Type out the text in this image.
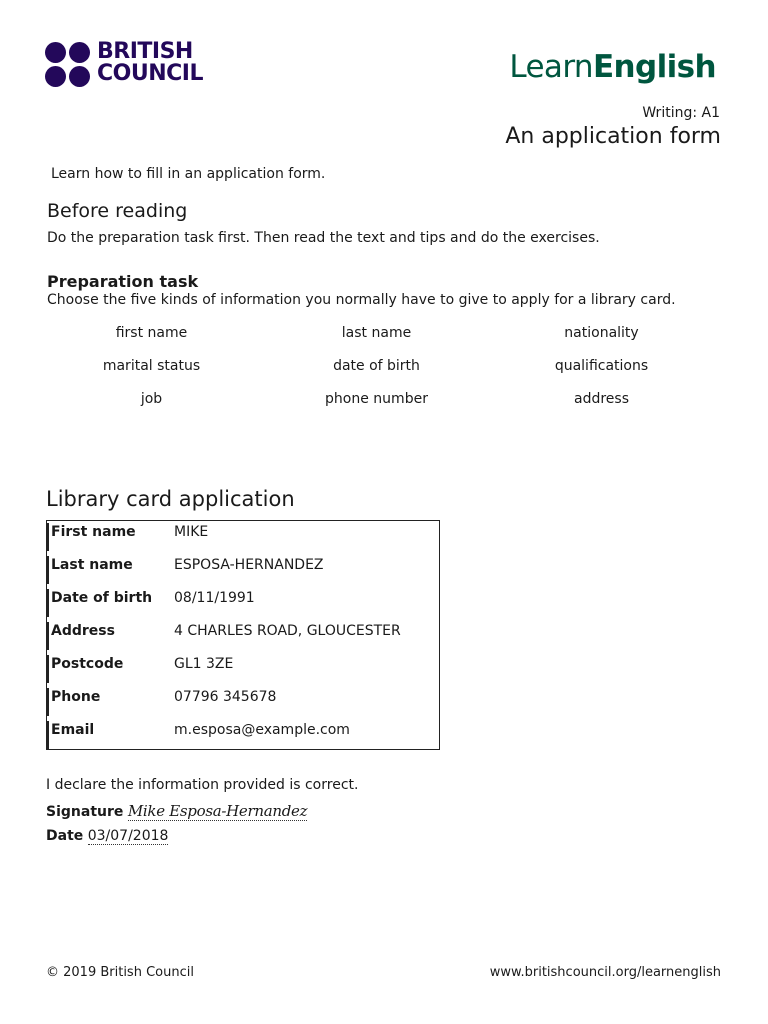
BRITISH
COUNCIL	LearnEnglish
Writing: A1
An application form
Learn how to fill in an application form.
Before reading
Do the preparation task first. Then read the text and tips and do the exercises.
Preparation task
Choose the five kinds of information you normally have to give to apply for a library card.
first name	last name	nationality
marital status	date of birth	qualifications
job	phone number	address
Library card application
First name	MIKE
Last name	ESPOSA-HERNANDEZ
Date of birth 08/11/1991
Address	4 CHARLES ROAD, GLOUCESTER
Postcode	GL1 3ZE
Phone	07796 345678
Email	m.esposa@example.com
I declare the information provided is correct.
Signature Mike Esposa-Hernandez
Date 03/07/2018
© 2019 British Council	www.britishcouncil.org/learnenglish
